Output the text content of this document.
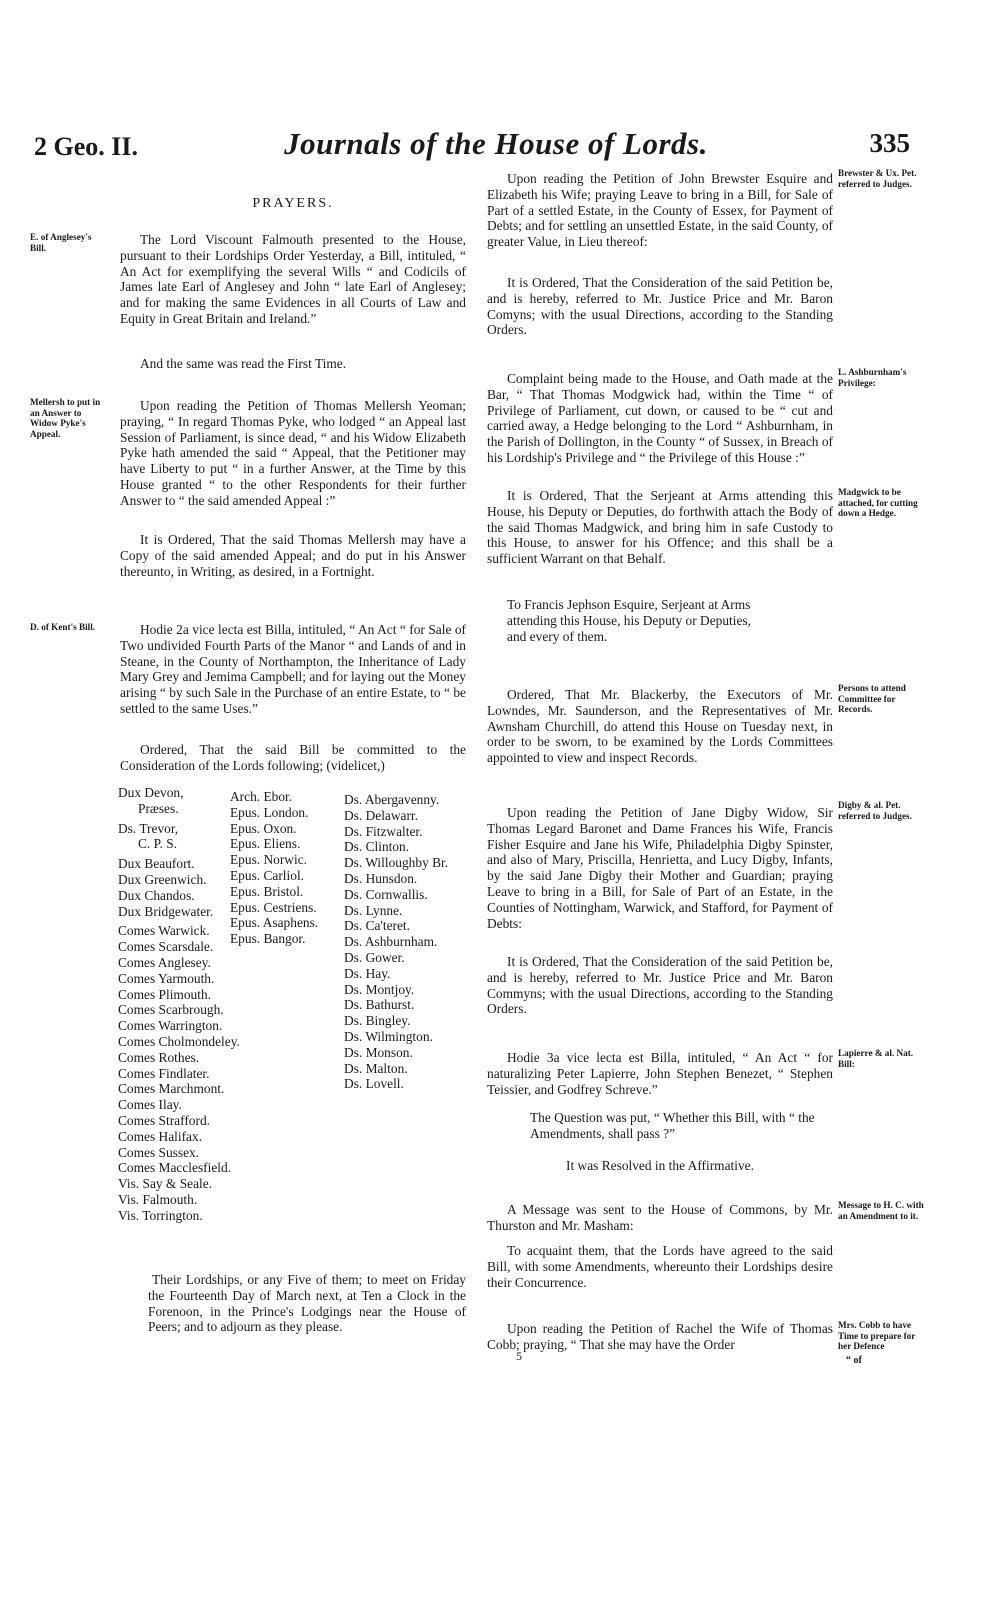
2 Geo. II.	Journals of the House of Lords.	335
PRAYERS.
E. of Anglesey's Bill.
The Lord Viscount Falmouth presented to the House, pursuant to their Lordships Order Yesterday, a Bill, intituled, “ An Act for exemplifying the several Wills “ and Codicils of James late Earl of Anglesey and John “ late Earl of Anglesey; and for making the same Evidences in all Courts of Law and Equity in Great Britain and Ireland.”
And the same was read the First Time.
Mellersh to put in an Answer to Widow Pyke's Appeal.
Upon reading the Petition of Thomas Mellersh Yeoman; praying, “ In regard Thomas Pyke, who lodged “ an Appeal last Session of Parliament, is since dead, “ and his Widow Elizabeth Pyke hath amended the said “ Appeal, that the Petitioner may have Liberty to put “ in a further Answer, at the Time by this House granted “ to the other Respondents for their further Answer to “ the said amended Appeal :”
It is Ordered, That the said Thomas Mellersh may have a Copy of the said amended Appeal; and do put in his Answer thereunto, in Writing, as desired, in a Fortnight.
D. of Kent's Bill.	Hodie 2a vice lecta est Billa, intituled, “ An Act “ for Sale of Two undivided Fourth Parts of the Manor “ and Lands of and in Steane, in the County of Northampton, the Inheritance of Lady Mary Grey and Jemima Campbell; and for laying out the Money arising “ by such Sale in the Purchase of an entire Estate, to “ be settled to the same Uses.”
Ordered, That the said Bill be committed to the Consideration of the Lords following; (videlicet,)
Dux Devon,
Præses.
Ds. Trevor,
C. P. S.
Dux Beaufort.
Dux Greenwich.
Dux Chandos.
Dux Bridgewater.
Comes Warwick.
Comes Scarsdale.
Comes Anglesey.
Comes Yarmouth.
Comes Plimouth.
Comes Scarbrough.
Comes Warrington.
Comes Cholmondeley.
Comes Rothes.
Comes Findlater.
Comes Marchmont.
Comes Ilay.
Comes Strafford.
Comes Halifax.
Comes Sussex.
Comes Macclesfield.
Vis. Say & Seale.
Vis. Falmouth.
Vis. Torrington.
Arch. Ebor.
Epus. London.
Epus. Oxon.
Epus. Eliens.
Epus. Norwic.
Epus. Carliol.
Epus. Bristol.
Epus. Cestriens.
Epus. Asaphens.
Epus. Bangor.
Ds. Abergavenny.
Ds. Delawarr.
Ds. Fitzwalter.
Ds. Clinton.
Ds. Willoughby Br.
Ds. Hunsdon.
Ds. Cornwallis.
Ds. Lynne.
Ds. Ca'teret.
Ds. Ashburnham.
Ds. Gower.
Ds. Hay.
Ds. Montjoy.
Ds. Bathurst.
Ds. Bingley.
Ds. Wilmington.
Ds. Monson.
Ds. Malton.
Ds. Lovell.
Their Lordships, or any Five of them; to meet on Friday the Fourteenth Day of March next, at Ten a Clock in the Forenoon, in the Prince's Lodgings near the House of Peers; and to adjourn as they please.
Brewster & Ux. Pet. referred to Judges.
Upon reading the Petition of John Brewster Esquire and Elizabeth his Wife; praying Leave to bring in a Bill, for Sale of Part of a settled Estate, in the County of Essex, for Payment of Debts; and for settling an unsettled Estate, in the said County, of greater Value, in Lieu thereof:
It is Ordered, That the Consideration of the said Petition be, and is hereby, referred to Mr. Justice Price and Mr. Baron Comyns; with the usual Directions, according to the Standing Orders.
L. Ashburnham's Privilege:
Complaint being made to the House, and Oath made at the Bar, “ That Thomas Modgwick had, within the Time “ of Privilege of Parliament, cut down, or caused to be “ cut and carried away, a Hedge belonging to the Lord “ Ashburnham, in the Parish of Dollington, in the County “ of Sussex, in Breach of his Lordship's Privilege and “ the Privilege of this House :”
Madgwick to be attached, for cutting down a Hedge.
It is Ordered, That the Serjeant at Arms attending this House, his Deputy or Deputies, do forthwith attach the Body of the said Thomas Madgwick, and bring him in safe Custody to this House, to answer for his Offence; and this shall be a sufficient Warrant on that Behalf.
To Francis Jephson Esquire, Serjeant at Arms attending this House, his Deputy or Deputies, and every of them.
Persons to attend Committee for Records.
Ordered, That Mr. Blackerby, the Executors of Mr. Lowndes, Mr. Saunderson, and the Representatives of Mr. Awnsham Churchill, do attend this House on Tuesday next, in order to be sworn, to be examined by the Lords Committees appointed to view and inspect Records.
Digby & al. Pet. referred to Judges.
Upon reading the Petition of Jane Digby Widow, Sir Thomas Legard Baronet and Dame Frances his Wife, Francis Fisher Esquire and Jane his Wife, Philadelphia Digby Spinster, and also of Mary, Priscilla, Henrietta, and Lucy Digby, Infants, by the said Jane Digby their Mother and Guardian; praying Leave to bring in a Bill, for Sale of Part of an Estate, in the Counties of Nottingham, Warwick, and Stafford, for Payment of Debts:
It is Ordered, That the Consideration of the said Petition be, and is hereby, referred to Mr. Justice Price and Mr. Baron Commyns; with the usual Directions, according to the Standing Orders.
Lapierre & al. Nat. Bill:
Hodie 3a vice lecta est Billa, intituled, “ An Act “ for naturalizing Peter Lapierre, John Stephen Benezet, “ Stephen Teissier, and Godfrey Schreve.”
The Question was put, “ Whether this Bill, with “ the Amendments, shall pass ?”
It was Resolved in the Affirmative.
Message to H. C. with an Amendment to it.
A Message was sent to the House of Commons, by Mr. Thurston and Mr. Masham:
To acquaint them, that the Lords have agreed to the said Bill, with some Amendments, whereunto their Lordships desire their Concurrence.
Mrs. Cobb to have Time to prepare for her Defence
Upon reading the Petition of Rachel the Wife of Thomas Cobb; praying, “ That she may have the Order
“ of
5
